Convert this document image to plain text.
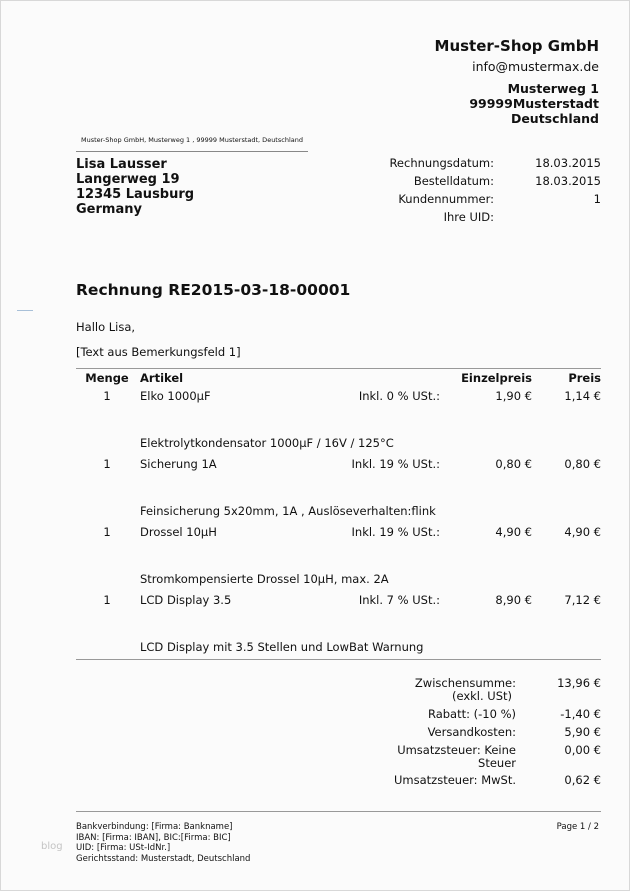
Muster-Shop GmbH
info@mustermax.de
Musterweg 1
99999Musterstadt
Deutschland
Muster-Shop GmbH, Musterweg 1 , 99999 Musterstadt, Deutschland
Lisa Lausser
Langerweg 19
12345 Lausburg
Germany
Rechnungsdatum:	18.03.2015
Bestelldatum:	18.03.2015
Kundennummer:	1
Ihre UID:
Rechnung RE2015-03-18-00001
Hallo Lisa,
[Text aus Bemerkungsfeld 1]
Menge Artikel	Einzelpreis	Preis
1	Elko 1000µF	Inkl. 0 % USt.:	1,90 €	1,14 €
Elektrolytkondensator 1000µF / 16V / 125°C
1	Sicherung 1A	Inkl. 19 % USt.:	0,80 €	0,80 €
Feinsicherung 5x20mm, 1A , Auslöseverhalten:flink
1	Drossel 10µH	Inkl. 19 % USt.:	4,90 €	4,90 €
Stromkompensierte Drossel 10µH, max. 2A
1	LCD Display 3.5	Inkl. 7 % USt.:	8,90 €	7,12 €
LCD Display mit 3.5 Stellen und LowBat Warnung
Zwischensumme:
(exkl. USt)
13,96 €
Rabatt: (-10 %)	-1,40 €
Versandkosten:	5,90 €
Umsatzsteuer: Keine
Steuer
0,00 €
Umsatzsteuer: MwSt.	0,62 €
Bankverbindung: [Firma: Bankname]
IBAN: [Firma: IBAN], BIC:[Firma: BIC]
UID: [Firma: USt-IdNr.]
Gerichtsstand: Musterstadt, Deutschland
Page 1 / 2
blog
